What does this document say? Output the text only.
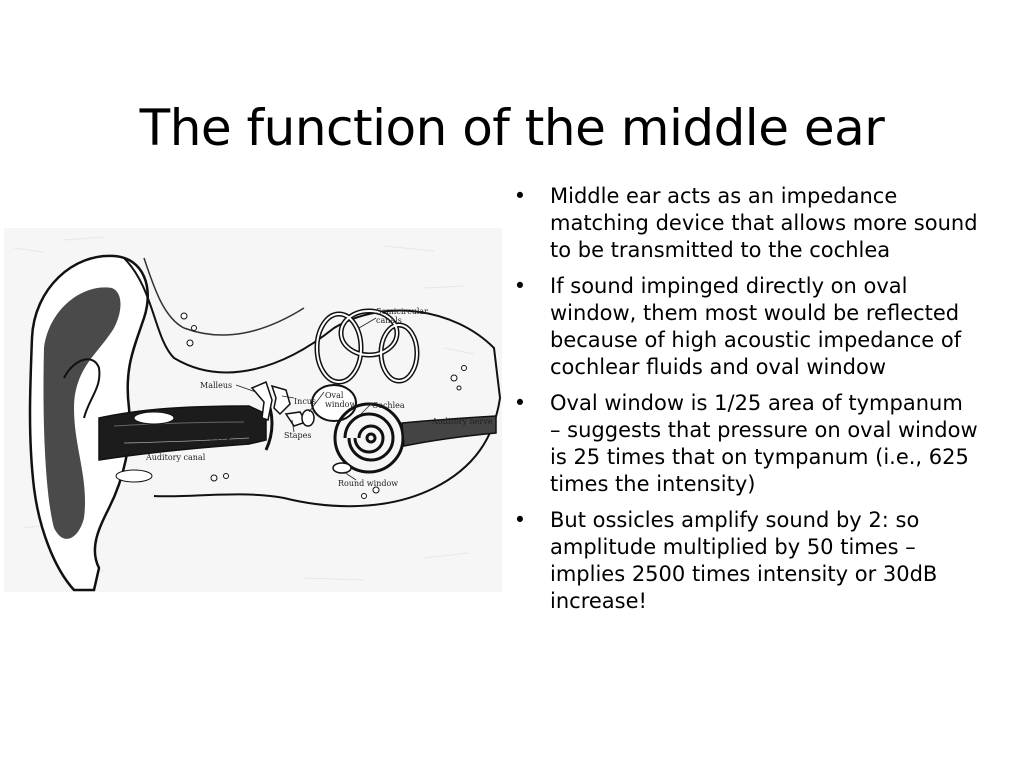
The function of the middle ear
Semicircular
canals
Malleus
Incus
Oval
window Cochlea
Auditory nerve
Eardrum
Stapes
Auditory canal
Round window
• Middle ear acts as an impedance matching device that allows more sound to be transmitted to the cochlea
• If sound impinged directly on oval window, them most would be reflected because of high acoustic impedance of cochlear fluids and oval window
• Oval window is 1/25 area of tympanum – suggests that pressure on oval window is 25 times that on tympanum (i.e., 625 times the intensity)
• But ossicles amplify sound by 2: so amplitude multiplied by 50 times – implies 2500 times intensity or 30dB increase!
